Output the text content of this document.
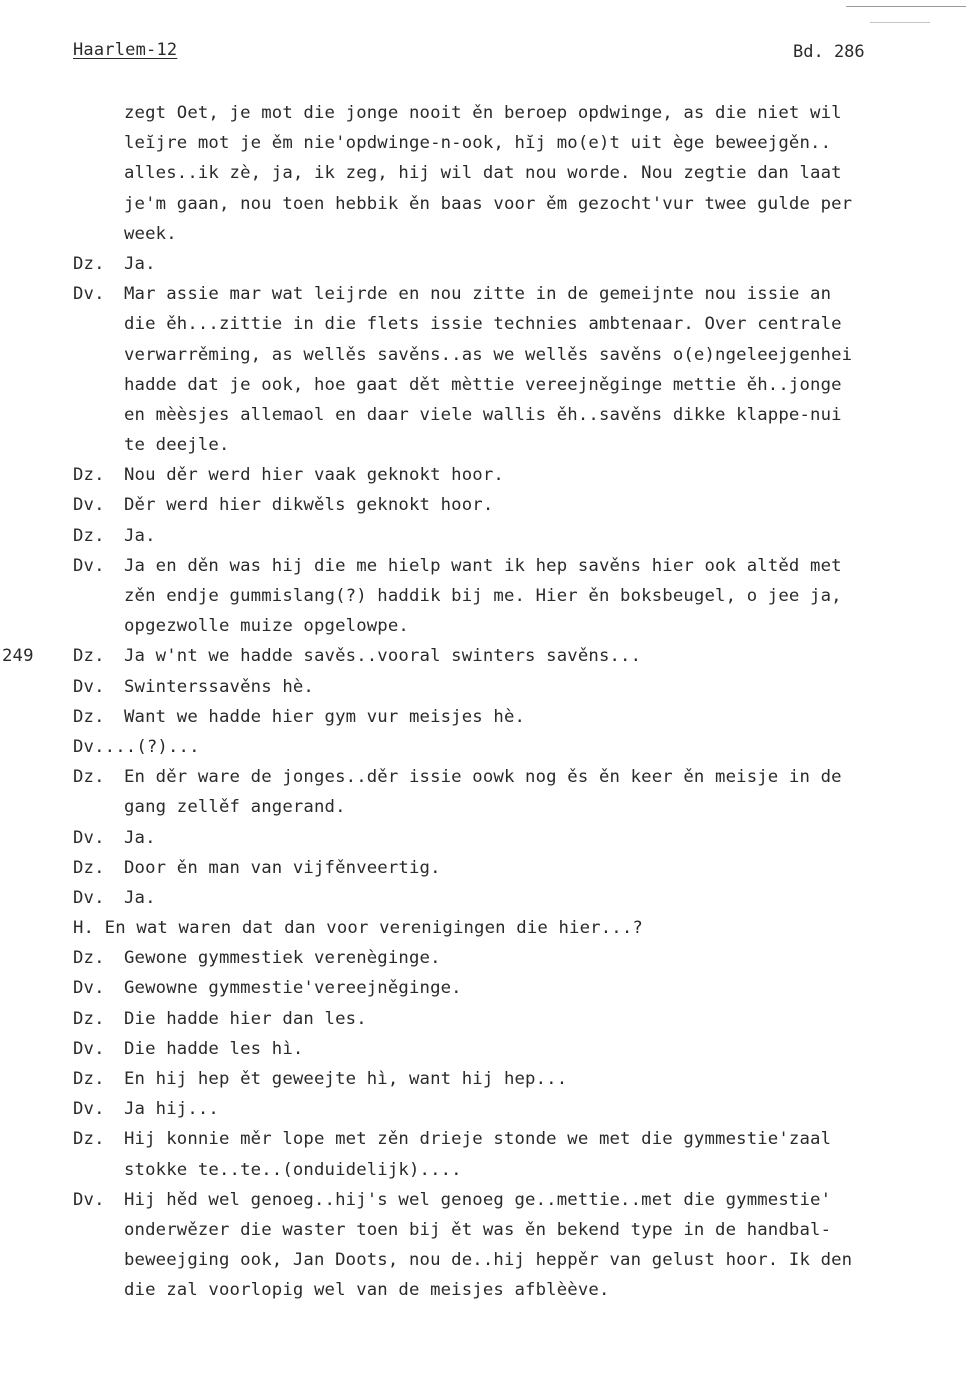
Haarlem-12	Bd. 286
zegt Oet, je mot die jonge nooit ěn beroep opdwinge, as die niet wil
leĭjre mot je ěm nie'opdwinge-n-ook, hĭj mo(e)t uit ège beweejgěn..
alles..ik zè, ja, ik zeg, hij wil dat nou worde. Nou zegtie dan laat
je'm gaan, nou toen hebbik ěn baas voor ěm gezocht'vur twee gulde per
week.
Dz. Ja.
Dv. Mar assie mar wat leijrde en nou zitte in de gemeijnte nou issie an
die ěh...zittie in die flets issie technies ambtenaar. Over centrale
verwarrěming, as wellěs savěns..as we wellěs savěns o(e)ngeleejgenhei
hadde dat je ook, hoe gaat dět mèttie vereejněginge mettie ěh..jonge
en mèèsjes allemaol en daar viele wallis ěh..savěns dikke klappe-nui
te deejle.
Dz. Nou děr werd hier vaak geknokt hoor.
Dv. Děr werd hier dikwěls geknokt hoor.
Dz. Ja.
Dv. Ja en děn was hij die me hielp want ik hep savěns hier ook altěd met
zěn endje gummislang(?) haddik bij me. Hier ěn boksbeugel, o jee ja,
opgezwolle muize opgelowpe.
249 Dz. Ja w'nt we hadde savěs..vooral swinters savěns...
Dv. Swinterssavěns hè.
Dz. Want we hadde hier gym vur meisjes hè.
Dv....(?)...
Dz. En děr ware de jonges..děr issie oowk nog ěs ěn keer ěn meisje in de
gang zellěf angerand.
Dv. Ja.
Dz. Door ěn man van vijfěnveertig.
Dv. Ja.
H. En wat waren dat dan voor verenigingen die hier...?
Dz. Gewone gymmestiek verenèginge.
Dv. Gewowne gymmestie'vereejněginge.
Dz. Die hadde hier dan les.
Dv. Die hadde les hì.
Dz. En hij hep ět geweejte hì, want hij hep...
Dv. Ja hij...
Dz. Hij konnie měr lope met zěn drieje stonde we met die gymmestie'zaal
stokke te..te..(onduidelijk)....
Dv. Hij hěd wel genoeg..hij's wel genoeg ge..mettie..met die gymmestie'
onderwězer die waster toen bij ět was ěn bekend type in de handbal-
beweejging ook, Jan Doots, nou de..hij heppěr van gelust hoor. Ik den
die zal voorlopig wel van de meisjes afblèève.
